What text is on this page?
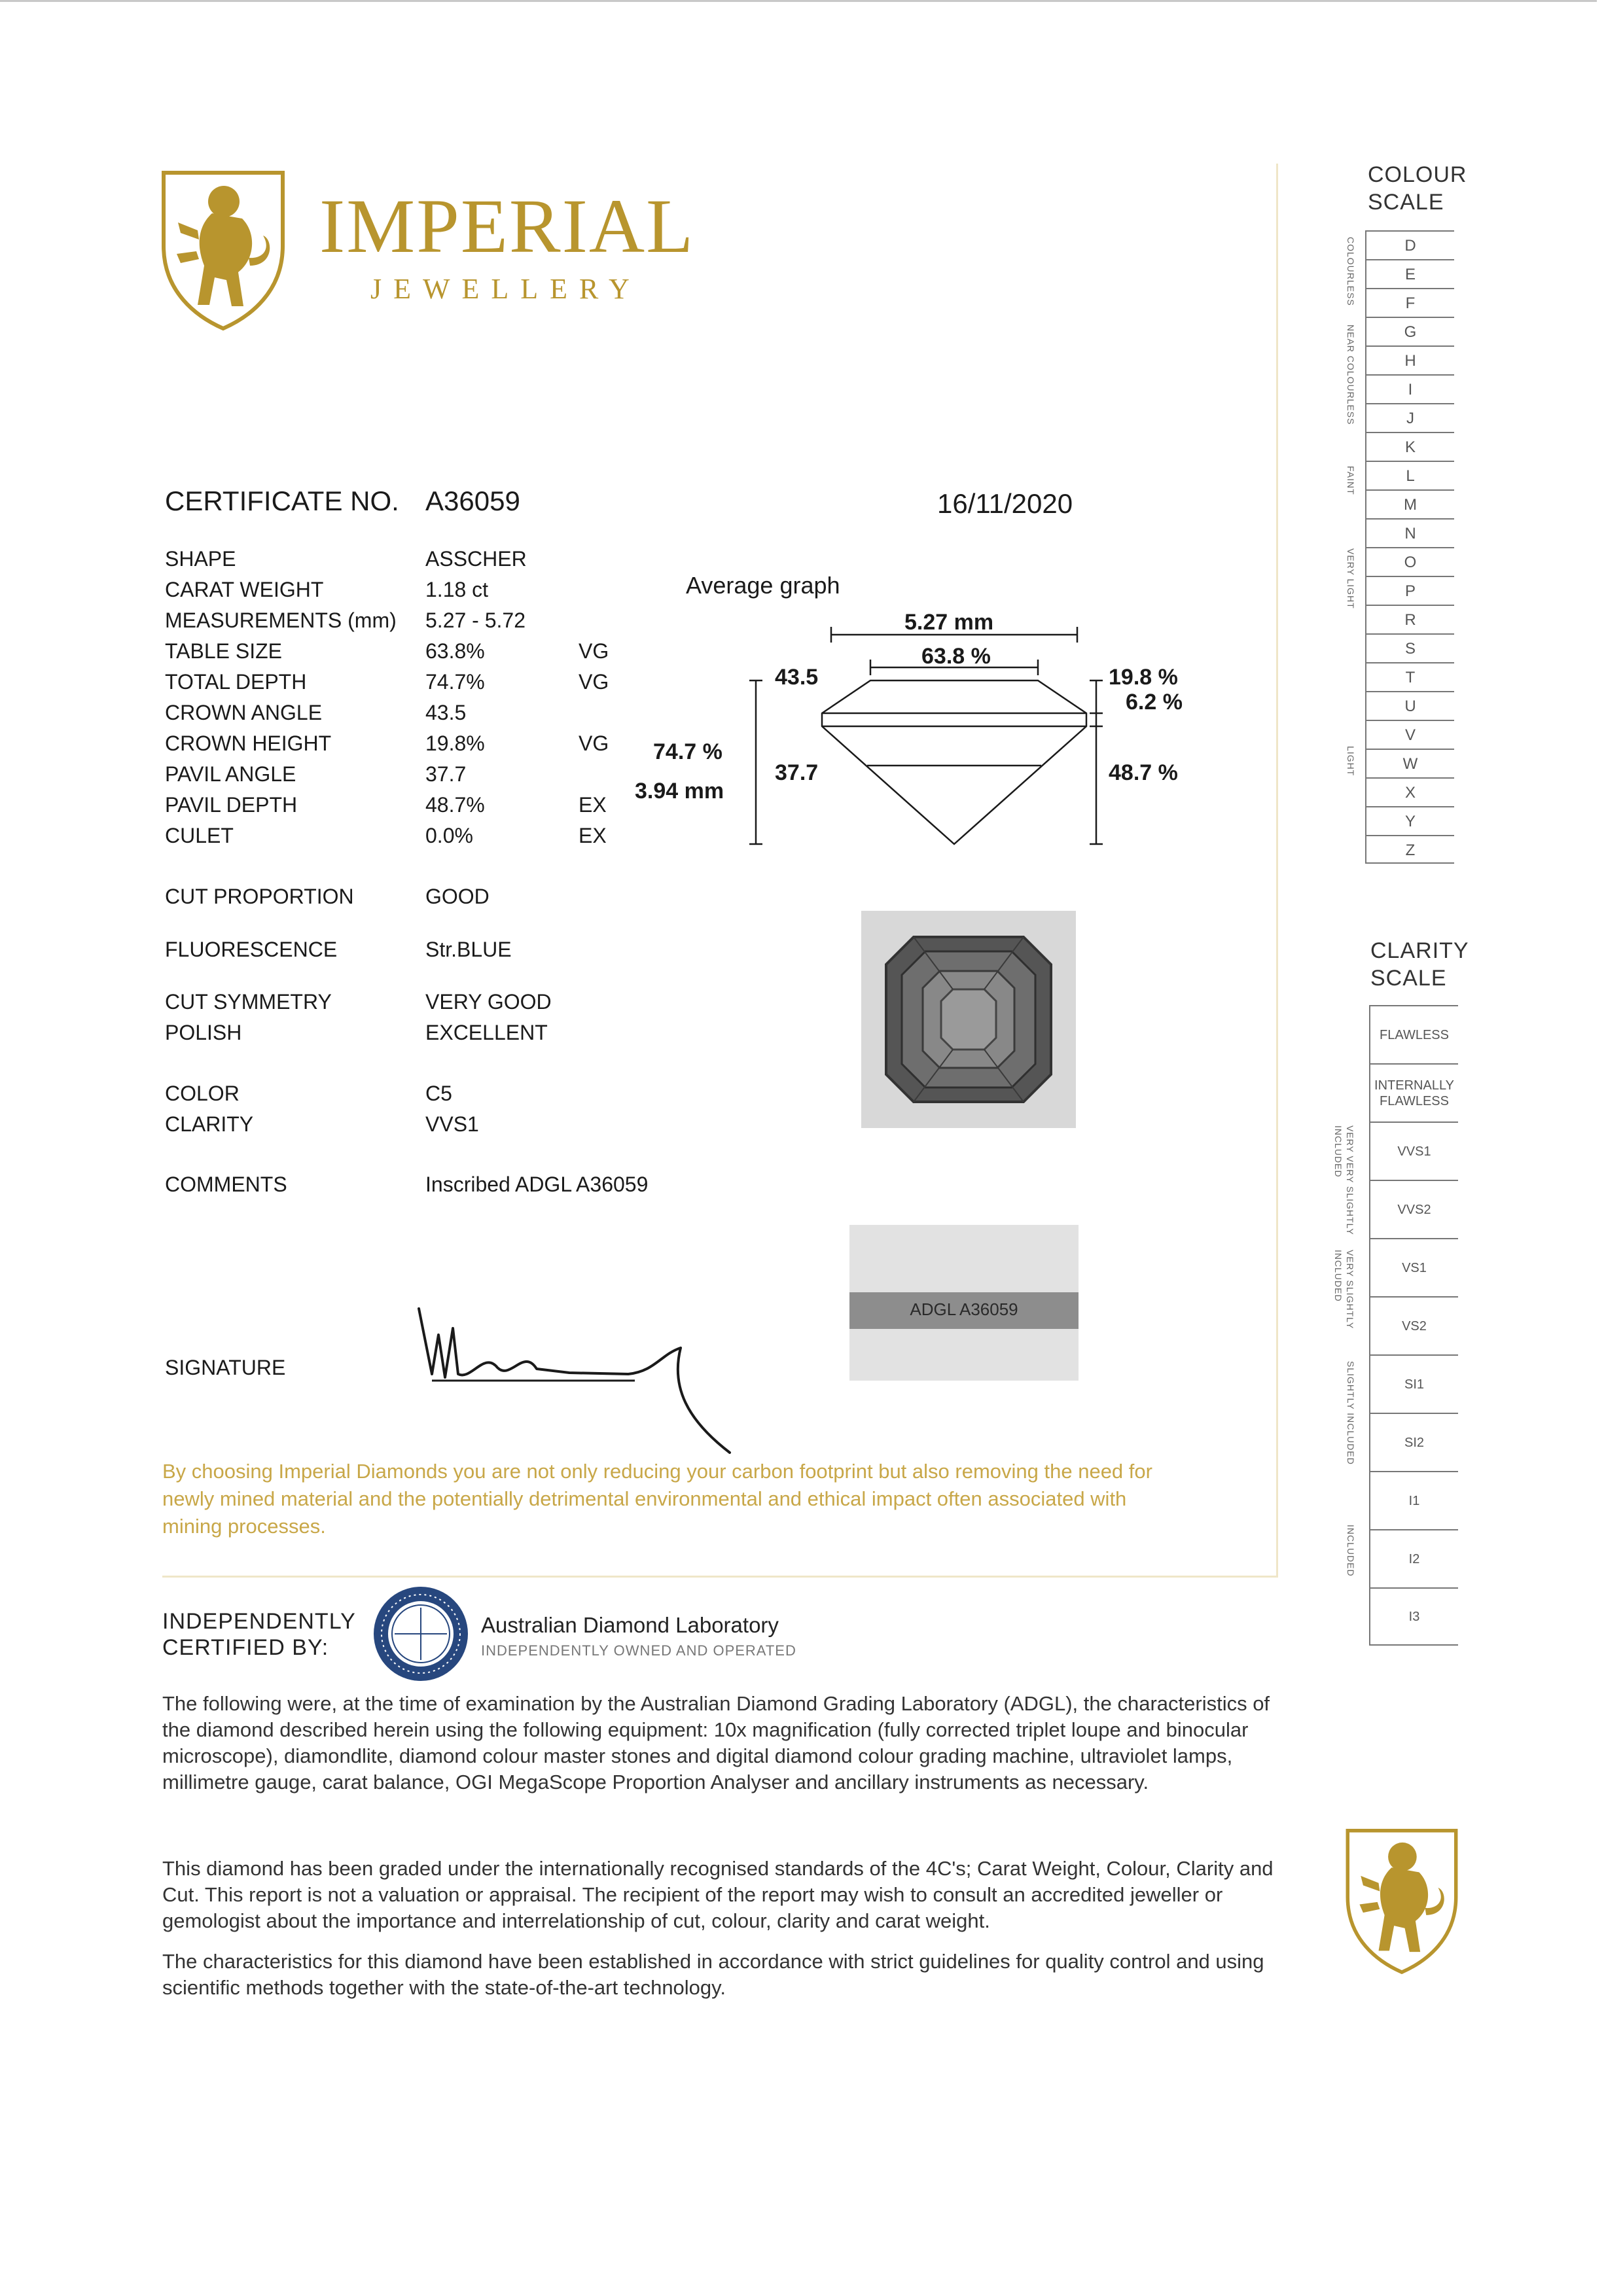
IMPERIAL
JEWELLERY
CERTIFICATE NO. A36059	16/11/2020
SHAPE	ASSCHER
CARAT WEIGHT	1.18 ct
MEASUREMENTS (mm) 5.27 - 5.72
TABLE SIZE	63.8%	VG
TOTAL DEPTH	74.7%	VG
CROWN ANGLE	43.5
CROWN HEIGHT	19.8%	VG
PAVIL ANGLE	37.7
PAVIL DEPTH	48.7%	EX
CULET	0.0%	EX
CUT PROPORTION	GOOD
FLUORESCENCE	Str.BLUE
CUT SYMMETRY	VERY GOOD
POLISH	EXCELLENT
COLOR	C5
CLARITY	VVS1
COMMENTS	Inscribed ADGL A36059
SIGNATURE
Average graph
5.27 mm
63.8 %
43.5
37.7
74.7 %
3.94 mm
19.8 %
6.2 %
48.7 %
ADGL A36059
By choosing Imperial Diamonds you are not only reducing your carbon footprint but also removing the need for newly mined material and the potentially detrimental environmental and ethical impact often associated with mining processes.
INDEPENDENTLY
CERTIFIED BY:
Australian Diamond Laboratory
INDEPENDENTLY OWNED AND OPERATED
The following were, at the time of examination by the Australian Diamond Grading Laboratory (ADGL), the characteristics of the diamond described herein using the following equipment: 10x magnification (fully corrected triplet loupe and binocular microscope), diamondlite, diamond colour master stones and digital diamond colour grading machine, ultraviolet lamps, millimetre gauge, carat balance, OGI MegaScope Proportion Analyser and ancillary instruments as necessary.
This diamond has been graded under the internationally recognised standards of the 4C's; Carat Weight, Colour, Clarity and Cut. This report is not a valuation or appraisal. The recipient of the report may wish to consult an accredited jeweller or gemologist about the importance and interrelationship of cut, colour, clarity and carat weight.
The characteristics for this diamond have been established in accordance with strict guidelines for quality control and using scientific methods together with the state-of-the-art technology.
COLOUR
SCALE
D
E
F
G
H
I
J
K
L
M
N
O
P
R
S
T
U
V
W
X
Y
Z
COLOURLESS
NEAR COLOURLESS
FAINT
VERY LIGHT
LIGHT
CLARITY
SCALE
FLAWLESS
INTERNALLY FLAWLESS
VVS1
VVS2
VS1
VS2
SI1
SI2
I1
I2
I3
VERY VERY SLIGHTLY INCLUDED
VERY SLIGHTLY INCLUDED
SLIGHTLY INCLUDED
INCLUDED
